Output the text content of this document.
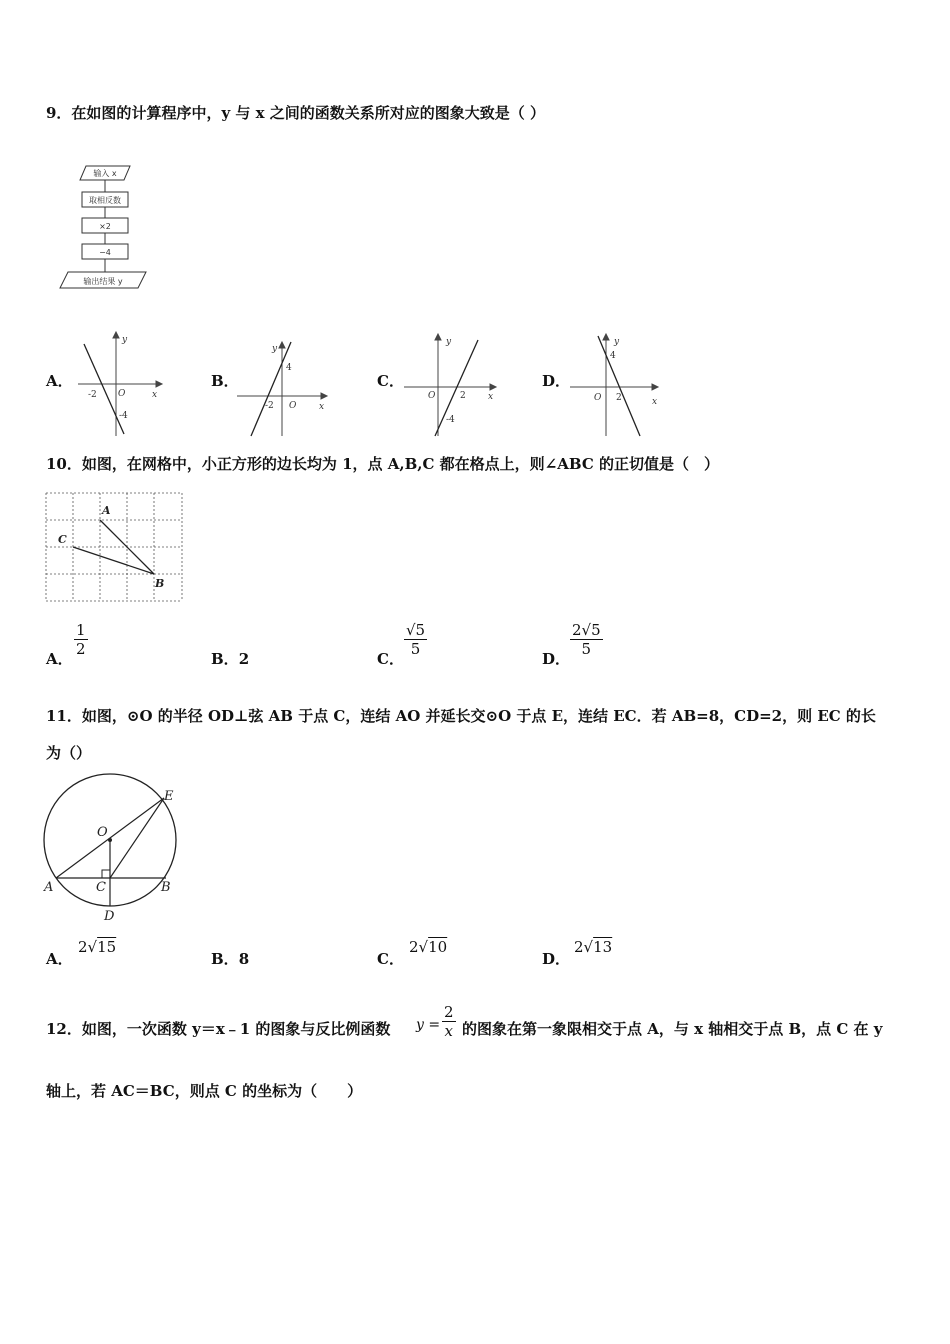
9．在如图的计算程序中，y 与 x 之间的函数关系所对应的图象大致是（ ）
输入 x
取相反数
×2
−4
输出结果 y
A．
-2 O	x
y
-4
B．
-2 O	x
y
4
C．
O	2 x
y
-4
D．
O 2	x
y
4
10．如图，在网格中，小正方形的边长均为 1，点 A,B,C 都在格点上，则∠ABC 的正切值是（　）
A
B
C
A．
1
2
B．2	C．
√5
5
D．
2√5
5
11．如图，⊙O 的半径 OD⊥弦 AB 于点 C，连结 AO 并延长交⊙O 于点 E，连结 EC．若 AB=8，CD=2，则 EC 的长
为（）
E
O
A	C	B
D
A．
2√15
B．8	C．
2√10
D．
2√13
12．如图，一次函数 y＝x﹣1 的图象与反比例函数 y =
2
x 的图象在第一象限相交于点 A，与 x 轴相交于点 B，点 C 在 y
轴上，若 AC＝BC，则点 C 的坐标为（　　）
